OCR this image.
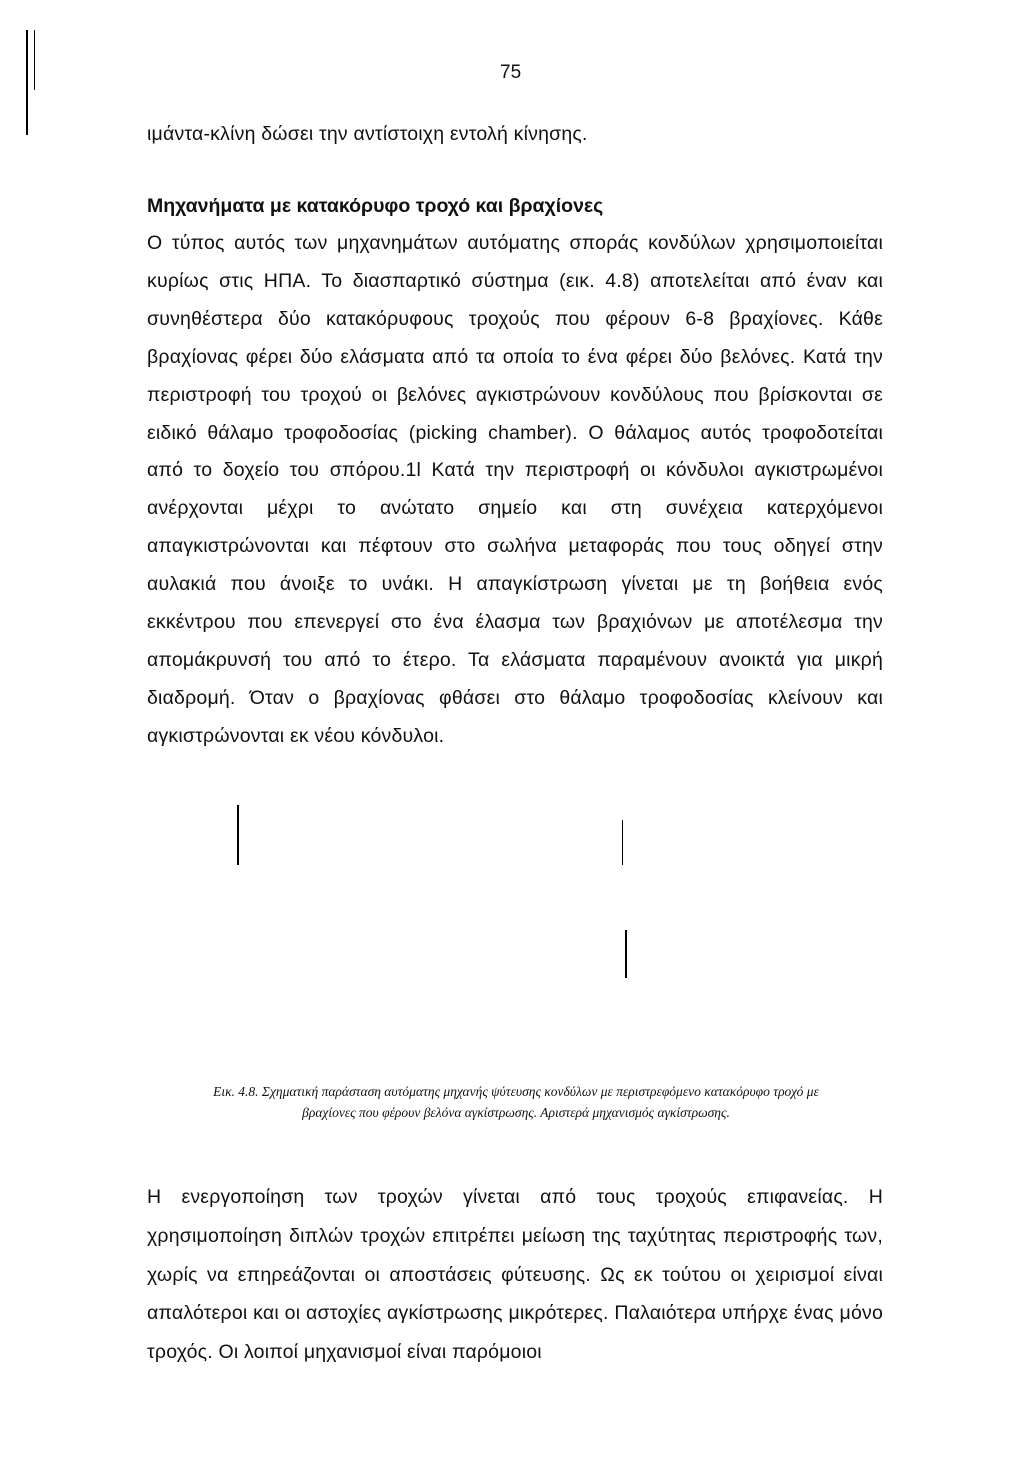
75

ιμάντα-κλίνη δώσει την αντίστοιχη εντολή κίνησης.

Μηχανήματα με κατακόρυφο τροχό και βραχίονες

Ο τύπος αυτός των μηχανημάτων αυτόματης σποράς κονδύλων χρησιμοποιείται κυρίως στις ΗΠΑ. Το διασπαρτικό σύστημα (εικ. 4.8) αποτελείται από έναν και συνηθέστερα δύο κατακόρυφους τροχούς που φέρουν 6-8 βραχίονες. Κάθε βραχίονας φέρει δύο ελάσματα από τα οποία το ένα φέρει δύο βελόνες. Κατά την περιστροφή του τροχού οι βελόνες αγκιστρώνουν κονδύλους που βρίσκονται σε ειδικό θάλαμο τροφοδοσίας (picking chamber). Ο θάλαμος αυτός τροφοδοτείται από το δοχείο του σπόρου.1l Κατά την περιστροφή οι κόνδυλοι αγκιστρωμένοι ανέρχονται μέχρι το ανώτατο σημείο και στη συνέχεια κατερχόμενοι απαγκιστρώνονται και πέφτουν στο σωλήνα μεταφοράς που τους οδηγεί στην αυλακιά που άνοιξε το υνάκι. Η απαγκίστρωση γίνεται με τη βοήθεια ενός εκκέντρου που επενεργεί στο ένα έλασμα των βραχιόνων με αποτέλεσμα την απομάκρυνσή του από το έτερο. Τα ελάσματα παραμένουν ανοικτά για μικρή διαδρομή. Όταν ο βραχίονας φθάσει στο θάλαμο τροφοδοσίας κλείνουν και αγκιστρώνονται εκ νέου κόνδυλοι.

Εικ. 4.8. Σχηματική παράσταση αυτόματης μηχανής ψύτευσης κονδύλων με περιστρεφόμενο κατακόρυφο τροχό με βραχίονες που φέρουν βελόνα αγκίστρωσης. Αριστερά μηχανισμός αγκίστρωσης.

Η ενεργοποίηση των τροχών γίνεται από τους τροχούς επιφανείας. Η χρησιμοποίηση διπλών τροχών επιτρέπει μείωση της ταχύτητας περιστροφής των, χωρίς να επηρεάζονται οι αποστάσεις φύτευσης. Ως εκ τούτου οι χειρισμοί είναι απαλότεροι και οι αστοχίες αγκίστρωσης μικρότερες. Παλαιότερα υπήρχε ένας μόνο τροχός. Οι λοιποί μηχανισμοί είναι παρόμοιοι
